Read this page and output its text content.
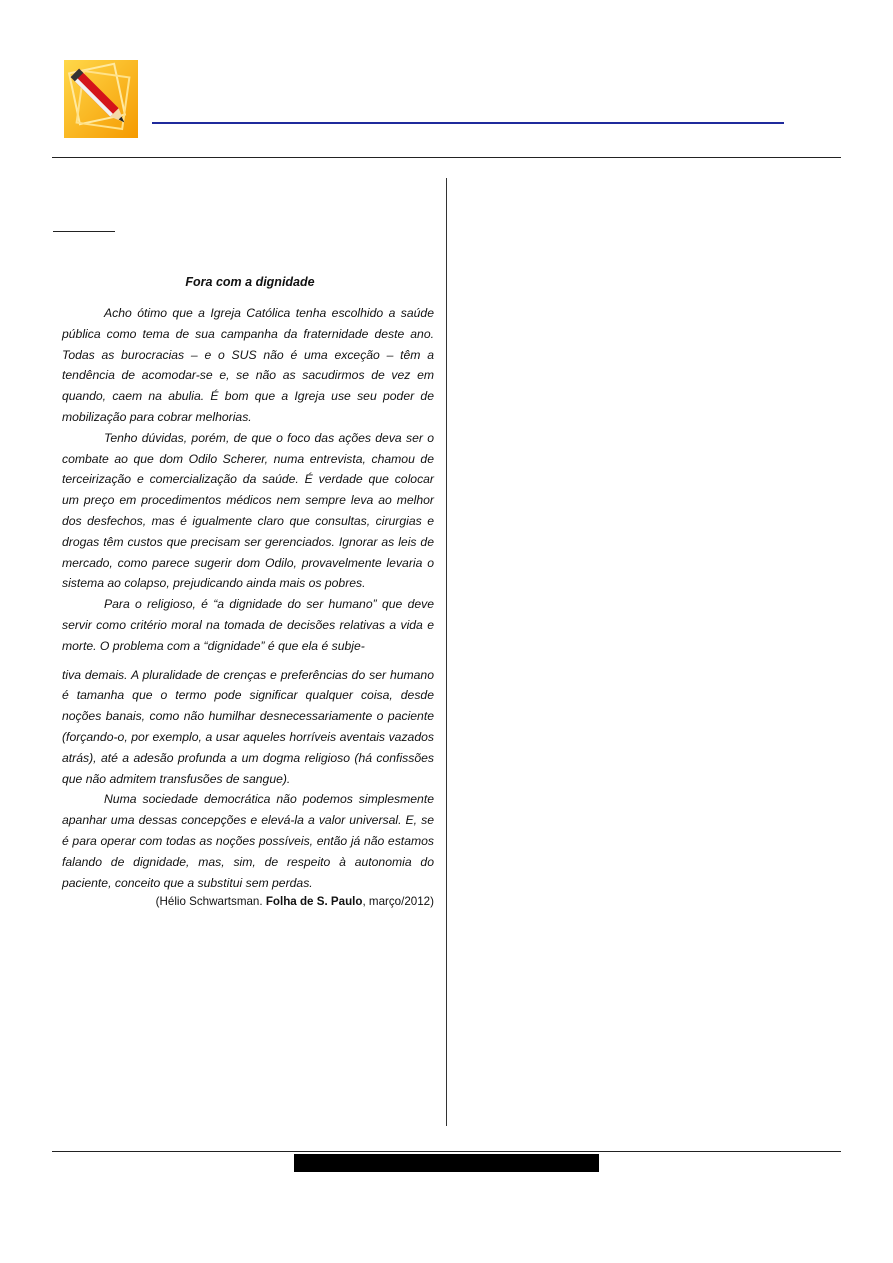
Fora com a dignidade

Acho ótimo que a Igreja Católica tenha escolhido a saúde pública como tema de sua campanha da fraternidade deste ano. Todas as burocracias – e o SUS não é uma exceção – têm a tendência de acomodar-se e, se não as sacudirmos de vez em quando, caem na abulia. É bom que a Igreja use seu poder de mobilização para cobrar melhorias.

Tenho dúvidas, porém, de que o foco das ações deva ser o combate ao que dom Odilo Scherer, numa entrevista, chamou de terceirização e comercialização da saúde. É verdade que colocar um preço em procedimentos médicos nem sempre leva ao melhor dos desfechos, mas é igualmente claro que consultas, cirurgias e drogas têm custos que precisam ser gerenciados. Ignorar as leis de mercado, como parece sugerir dom Odilo, provavelmente levaria o sistema ao colapso, prejudicando ainda mais os pobres.

Para o religioso, é “a dignidade do ser humano” que deve servir como critério moral na tomada de decisões relativas a vida e morte. O problema com a “dignidade” é que ela é subje-

tiva demais. A pluralidade de crenças e preferências do ser humano é tamanha que o termo pode significar qualquer coisa, desde noções banais, como não humilhar desnecessariamente o paciente (forçando-o, por exemplo, a usar aqueles horríveis aventais vazados atrás), até a adesão profunda a um dogma religioso (há confissões que não admitem transfusões de sangue).

Numa sociedade democrática não podemos simplesmente apanhar uma dessas concepções e elevá-la a valor universal. E, se é para operar com todas as noções possíveis, então já não estamos falando de dignidade, mas, sim, de respeito à autonomia do paciente, conceito que a substitui sem perdas.

(Hélio Schwartsman. Folha de S. Paulo, março/2012)
